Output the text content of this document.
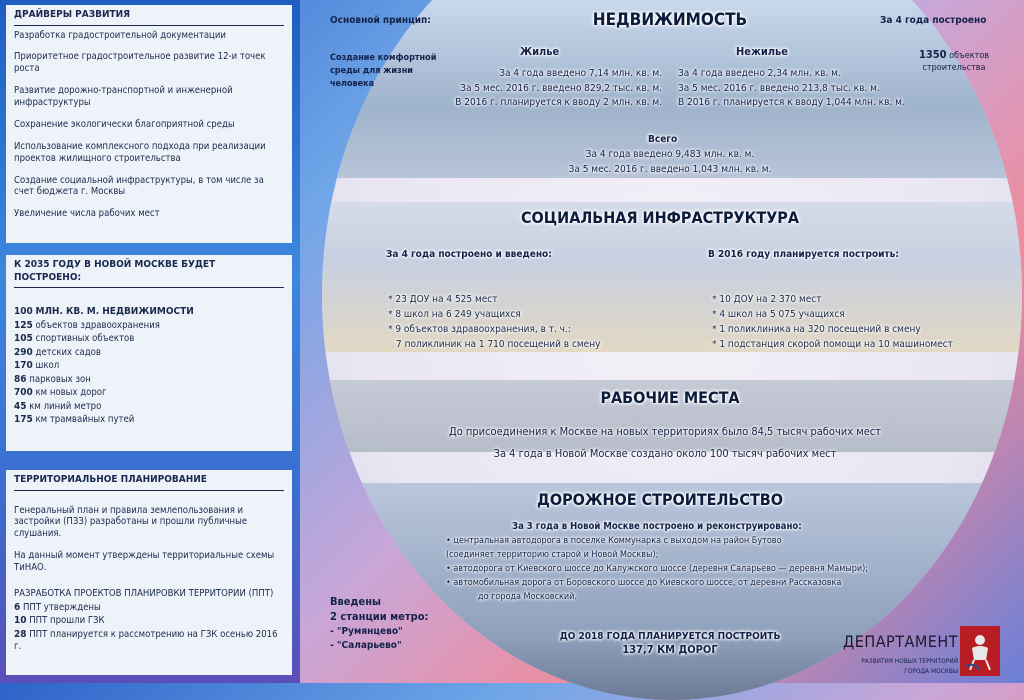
ДРАЙВЕРЫ РАЗВИТИЯ

Разработка градостроительной документации

Приоритетное градостроительное развитие 12-и точек роста

Развитие дорожно-транспортной и инженерной инфраструктуры

Сохранение экологически благоприятной среды

Использование комплексного подхода при реализации проектов жилищного строительства

Создание социальной инфраструктуры, в том числе за счет бюджета г. Москвы

Увеличение числа рабочих мест

К 2035 ГОДУ В НОВОЙ МОСКВЕ БУДЕТ ПОСТРОЕНО:
100 МЛН. КВ. М. НЕДВИЖИМОСТИ
125 объектов здравоохранения
105 спортивных объектов
290 детских садов
170 школ
86 парковых зон
700 км новых дорог
45 км линий метро
175 км трамвайных путей
ТЕРРИТОРИАЛЬНОЕ ПЛАНИРОВАНИЕ

Генеральный план и правила землепользования и застройки (ПЗЗ) разработаны и прошли публичные слушания.

На данный момент утверждены территориальные схемы ТиНАО.

РАЗРАБОТКА ПРОЕКТОВ ПЛАНИРОВКИ ТЕРРИТОРИИ (ППТ)
6 ППТ утверждены
10 ППТ прошли ГЗК
28 ППТ планируется к рассмотрению на ГЗК осенью 2016 г.
НЕДВИЖИМОСТЬ
Основной принцип:
Создание комфортной среды для жизни человека
За 4 года построено
1350 объектов строительства
Жилье
За 4 года введено 7,14 млн. кв. м.
За 5 мес. 2016 г. введено 829,2 тыс. кв. м.
В 2016 г. планируется к вводу 2 млн. кв. м.
Нежилье
За 4 года введено 2,34 млн. кв. м.
За 5 мес. 2016 г. введено 213,8 тыс. кв. м.
В 2016 г. планируется к вводу 1,044 млн. кв. м.
Всего
За 4 года введено 9,483 млн. кв. м.
За 5 мес. 2016 г. введено 1,043 млн. кв. м.
СОЦИАЛЬНАЯ ИНФРАСТРУКТУРА
За 4 года построено и введено:
* 23 ДОУ на 4 525 мест
* 8 школ на 6 249 учащихся
* 9 объектов здравоохранения, в т. ч.:
7 поликлиник на 1 710 посещений в смену
В 2016 году планируется построить:
* 10 ДОУ на 2 370 мест
* 4 школ на 5 075 учащихся
* 1 поликлиника на 320 посещений в смену
* 1 подстанция скорой помощи на 10 машиномест
РАБОЧИЕ МЕСТА
До присоединения к Москве на новых территориях было 84,5 тысяч рабочих мест
За 4 года в Новой Москве создано около 100 тысяч рабочих мест
ДОРОЖНОЕ СТРОИТЕЛЬСТВО
За 3 года в Новой Москве построено и реконструировано:
• центральная автодорога в поселке Коммунарка с выходом на район Бутово
(соединяет территорию старой и Новой Москвы);
• автодорога от Киевского шоссе до Калужского шоссе (деревня Саларьево — деревня Мамыри);
• автомобильная дорога от Боровского шоссе до Киевского шоссе, от деревни Рассказовка
до города Московский.
ДО 2018 ГОДА ПЛАНИРУЕТСЯ ПОСТРОИТЬ
137,7 КМ ДОРОГ
Введены
2 станции метро:
- "Румянцево"
- "Саларьево"	ДЕПАРТАМЕНТ
РАЗВИТИЯ НОВЫХ ТЕРРИТОРИЙ
ГОРОДА МОСКВЫ
